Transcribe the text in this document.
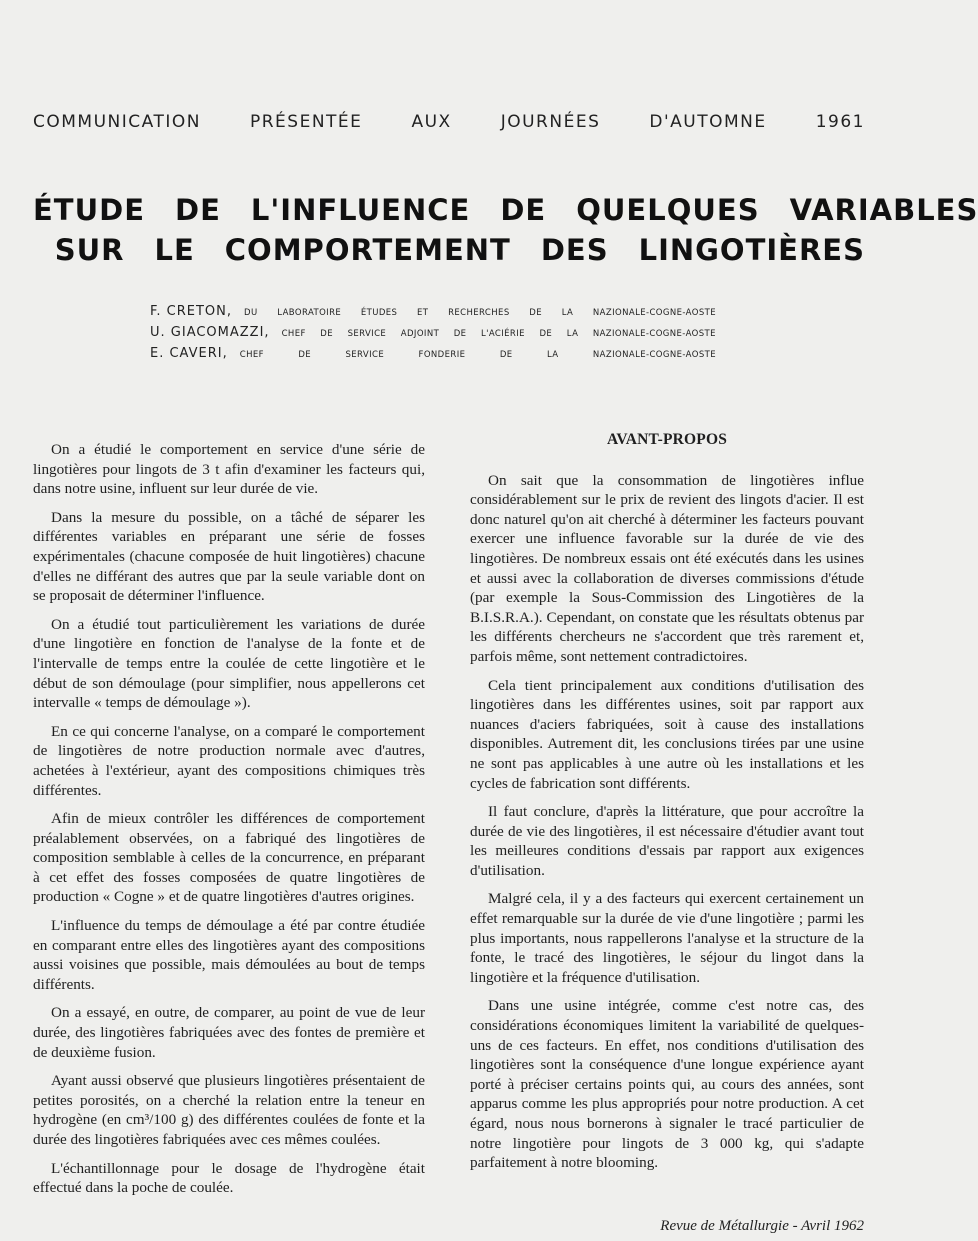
COMMUNICATION	PRÉSENTÉE	AUX	JOURNÉES	D'AUTOMNE	1961
ÉTUDE DE L'INFLUENCE DE QUELQUES VARIABLES
SUR LE COMPORTEMENT DES LINGOTIÈRES
F. CRETON, DU LABORATOIRE ÉTUDES ET RECHERCHES DE LA NAZIONALE-COGNE-AOSTE
U. GIACOMAZZI, CHEF DE SERVICE ADJOINT DE L'ACIÉRIE DE LA NAZIONALE-COGNE-AOSTE
E. CAVERI, CHEF	DE	SERVICE	FONDERIE	DE	LA	NAZIONALE-COGNE-AOSTE

On a étudié le comportement en service d'une série de lingotières pour lingots de 3 t afin d'examiner les facteurs qui, dans notre usine, influent sur leur durée de vie.

Dans la mesure du possible, on a tâché de séparer les différentes variables en préparant une série de fosses expérimentales (chacune composée de huit lingotières) chacune d'elles ne différant des autres que par la seule variable dont on se proposait de déterminer l'influence.

On a étudié tout particulièrement les variations de durée d'une lingotière en fonction de l'analyse de la fonte et de l'intervalle de temps entre la coulée de cette lingotière et le début de son démoulage (pour simplifier, nous appellerons cet intervalle « temps de démoulage »).

En ce qui concerne l'analyse, on a comparé le comportement de lingotières de notre production normale avec d'autres, achetées à l'extérieur, ayant des compositions chimiques très différentes.

Afin de mieux contrôler les différences de comportement préalablement observées, on a fabriqué des lingotières de composition semblable à celles de la concurrence, en préparant à cet effet des fosses composées de quatre lingotières de production « Cogne » et de quatre lingotières d'autres origines.

L'influence du temps de démoulage a été par contre étudiée en comparant entre elles des lingotières ayant des compositions aussi voisines que possible, mais démoulées au bout de temps différents.

On a essayé, en outre, de comparer, au point de vue de leur durée, des lingotières fabriquées avec des fontes de première et de deuxième fusion.

Ayant aussi observé que plusieurs lingotières présentaient de petites porosités, on a cherché la relation entre la teneur en hydrogène (en cm³/100 g) des différentes coulées de fonte et la durée des lingotières fabriquées avec ces mêmes coulées.

L'échantillonnage pour le dosage de l'hydrogène était effectué dans la poche de coulée.

AVANT-PROPOS

On sait que la consommation de lingotières influe considérablement sur le prix de revient des lingots d'acier. Il est donc naturel qu'on ait cherché à déterminer les facteurs pouvant exercer une influence favorable sur la durée de vie des lingotières. De nombreux essais ont été exécutés dans les usines et aussi avec la collaboration de diverses commissions d'étude (par exemple la Sous-Commission des Lingotières de la B.I.S.R.A.). Cependant, on constate que les résultats obtenus par les différents chercheurs ne s'accordent que très rarement et, parfois même, sont nettement contradictoires.

Cela tient principalement aux conditions d'utilisation des lingotières dans les différentes usines, soit par rapport aux nuances d'aciers fabriquées, soit à cause des installations disponibles. Autrement dit, les conclusions tirées par une usine ne sont pas applicables à une autre où les installations et les cycles de fabrication sont différents.

Il faut conclure, d'après la littérature, que pour accroître la durée de vie des lingotières, il est nécessaire d'étudier avant tout les meilleures conditions d'essais par rapport aux exigences d'utilisation.

Malgré cela, il y a des facteurs qui exercent certainement un effet remarquable sur la durée de vie d'une lingotière ; parmi les plus importants, nous rappellerons l'analyse et la structure de la fonte, le tracé des lingotières, le séjour du lingot dans la lingotière et la fréquence d'utilisation.

Dans une usine intégrée, comme c'est notre cas, des considérations économiques limitent la variabilité de quelques-uns de ces facteurs. En effet, nos conditions d'utilisation des lingotières sont la conséquence d'une longue expérience ayant porté à préciser certains points qui, au cours des années, sont apparus comme les plus appropriés pour notre production. A cet égard, nous nous bornerons à signaler le tracé particulier de notre lingotière pour lingots de 3 000 kg, qui s'adapte parfaitement à notre blooming.

Revue de Métallurgie - Avril 1962
